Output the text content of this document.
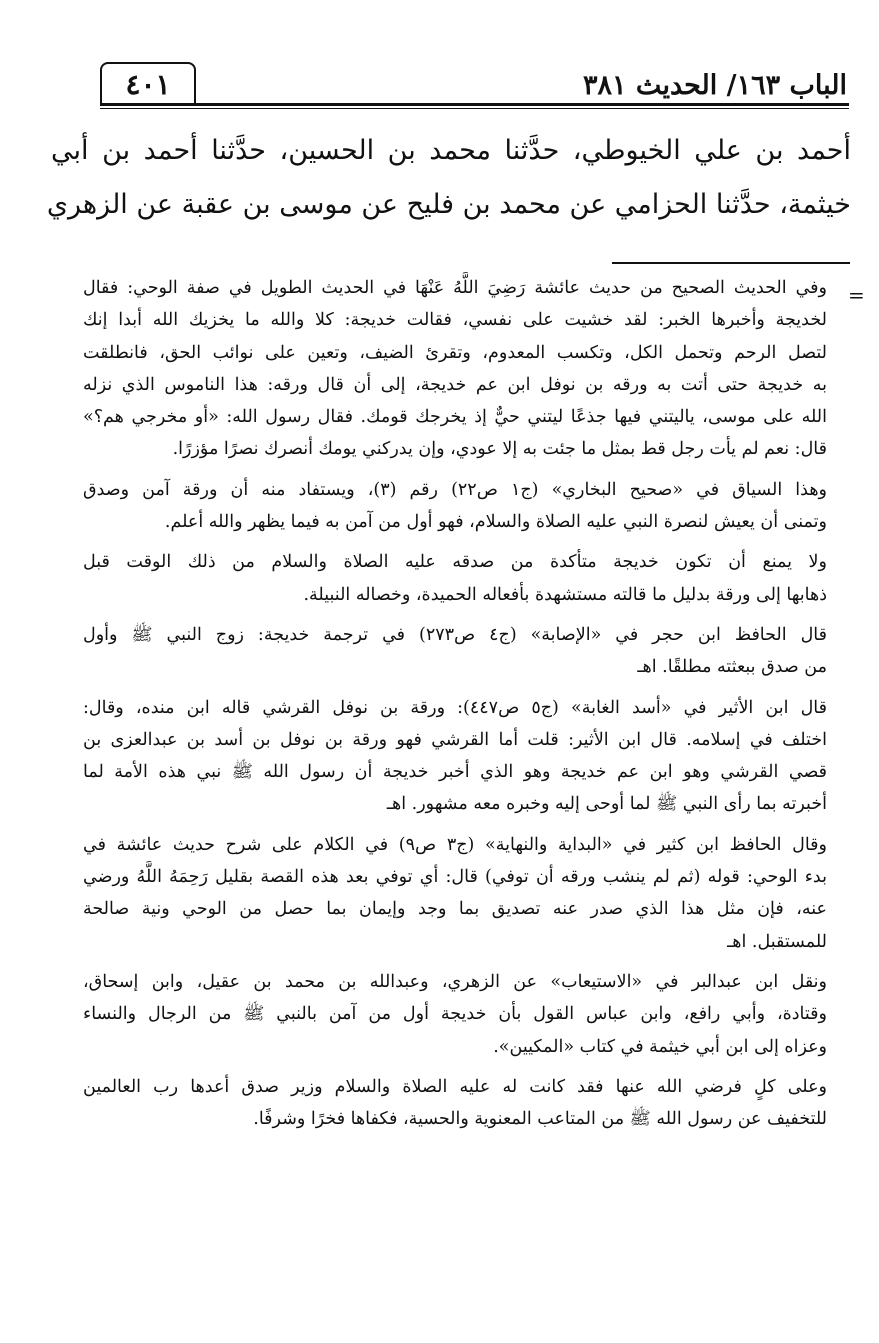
الباب ١٦٣/ الحديث ٣٨١
٤٠١
أحمد بن علي الخيوطي، حدَّثنا محمد بن الحسين، حدَّثنا أحمد بن أبي
خيثمة، حدَّثنا الحزامي عن محمد بن فليح عن موسى بن عقبة عن الزهري
=
وفي الحديث الصحيح من حديث عائشة رَضِيَ اللَّهُ عَنْهَا في الحديث الطويل في صفة الوحي: فقال
لخديجة وأخبرها الخبر: لقد خشيت على نفسي، فقالت خديجة: كلا والله ما يخزيك الله أبدا إنك
لتصل الرحم وتحمل الكل، وتكسب المعدوم، وتقرئ الضيف، وتعين على نوائب الحق، فانطلقت
به خديجة حتى أتت به ورقه بن نوفل ابن عم خديجة، إلى أن قال ورقه: هذا الناموس الذي نزله
الله على موسى، ياليتني فيها جذعًا ليتني حيٌّ إذ يخرجك قومك. فقال رسول الله: «أو مخرجي هم؟»
قال: نعم لم يأت رجل قط بمثل ما جئت به إلا عودي، وإن يدركني يومك أنصرك نصرًا مؤزرًا.
وهذا السياق في «صحيح البخاري» (ج١ ص٢٢) رقم (٣)، ويستفاد منه أن ورقة آمن وصدق
وتمنى أن يعيش لنصرة النبي عليه الصلاة والسلام، فهو أول من آمن به فيما يظهر والله أعلم.
ولا يمنع أن تكون خديجة متأكدة من صدقه عليه الصلاة والسلام من ذلك الوقت قبل
ذهابها إلى ورقة بدليل ما قالته مستشهدة بأفعاله الحميدة، وخصاله النبيلة.
قال الحافظ ابن حجر في «الإصابة» (ج٤ ص٢٧٣) في ترجمة خديجة: زوج النبي ﷺ وأول
من صدق ببعثته مطلقًا. اهـ
قال ابن الأثير في «أسد الغابة» (ج٥ ص٤٤٧): ورقة بن نوفل القرشي قاله ابن منده، وقال:
اختلف في إسلامه. قال ابن الأثير: قلت أما القرشي فهو ورقة بن نوفل بن أسد بن عبدالعزى بن
قصي القرشي وهو ابن عم خديجة وهو الذي أخبر خديجة أن رسول الله ﷺ نبي هذه الأمة لما
أخبرته بما رأى النبي ﷺ لما أوحى إليه وخبره معه مشهور. اهـ
وقال الحافظ ابن كثير في «البداية والنهاية» (ج٣ ص٩) في الكلام على شرح حديث عائشة في
بدء الوحي: قوله (ثم لم ينشب ورقه أن توفي) قال: أي توفي بعد هذه القصة بقليل رَحِمَهُ اللَّهُ ورضي
عنه، فإن مثل هذا الذي صدر عنه تصديق بما وجد وإيمان بما حصل من الوحي ونية صالحة
للمستقبل. اهـ
ونقل ابن عبدالبر في «الاستيعاب» عن الزهري، وعبدالله بن محمد بن عقيل، وابن إسحاق،
وقتادة، وأبي رافع، وابن عباس القول بأن خديجة أول من آمن بالنبي ﷺ من الرجال والنساء
وعزاه إلى ابن أبي خيثمة في كتاب «المكيين».
وعلى كلٍ فرضي الله عنها فقد كانت له عليه الصلاة والسلام وزير صدق أعدها رب العالمين
للتخفيف عن رسول الله ﷺ من المتاعب المعنوية والحسية، فكفاها فخرًا وشرفًا.
